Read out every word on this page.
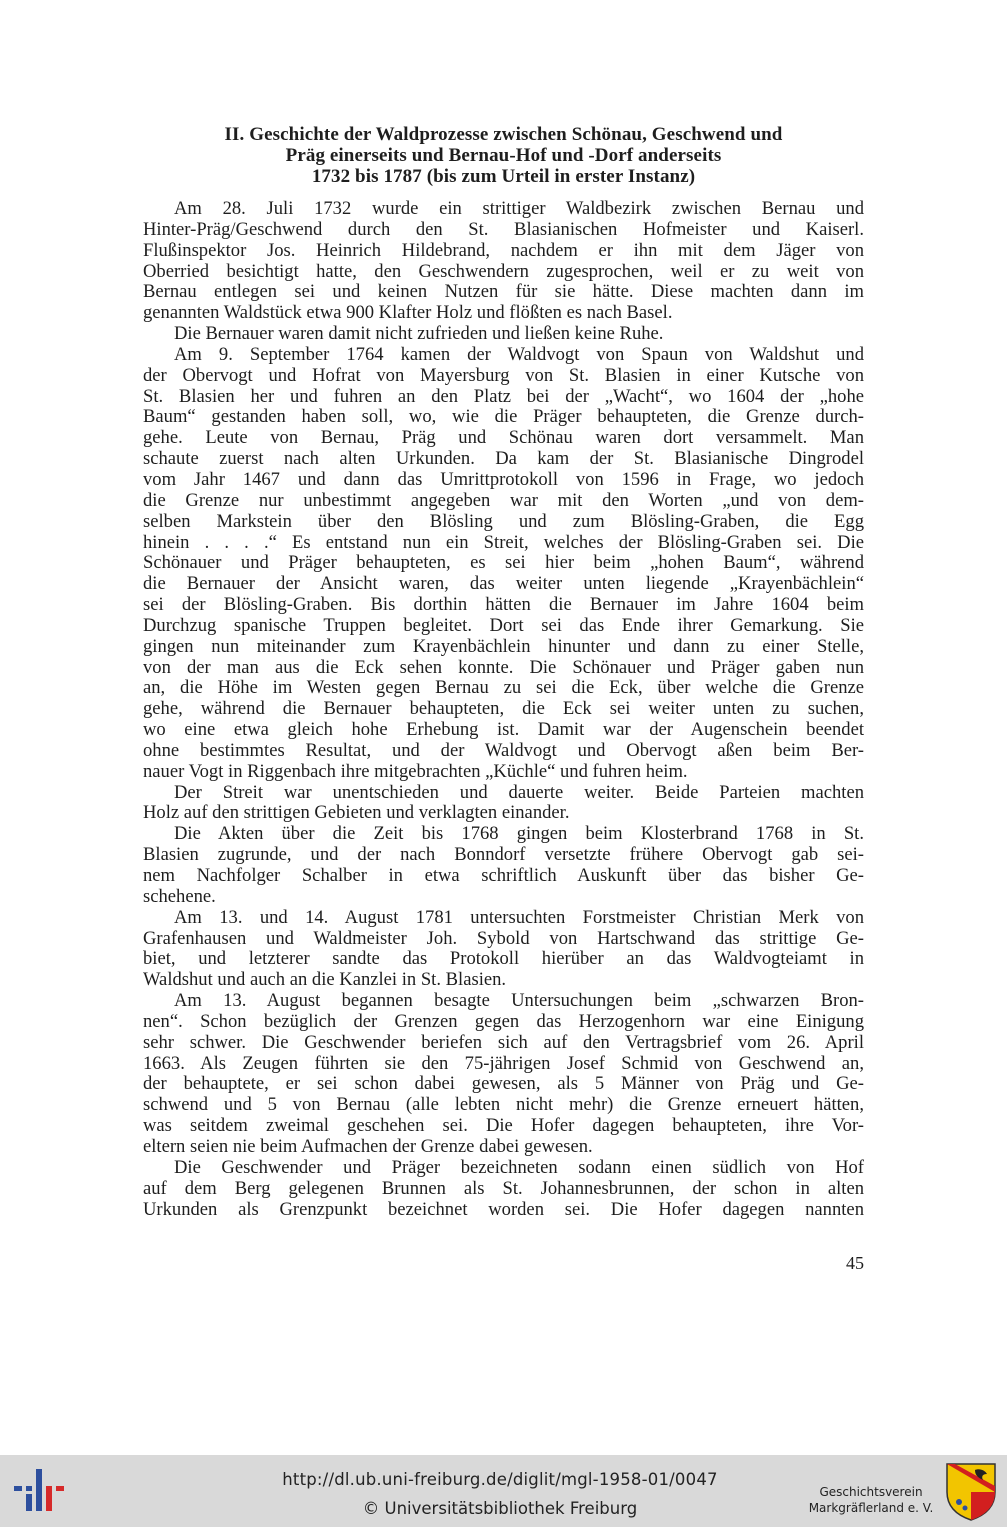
II. Geschichte der Waldprozesse zwischen Schönau, Geschwend und
Präg einerseits und Bernau-Hof und -Dorf anderseits
1732 bis 1787 (bis zum Urteil in erster Instanz)

Am 28. Juli 1732 wurde ein strittiger Waldbezirk zwischen Bernau und
Hinter-Präg/Geschwend durch den St. Blasianischen Hofmeister und Kaiserl.
Flußinspektor Jos. Heinrich Hildebrand, nachdem er ihn mit dem Jäger von
Oberried besichtigt hatte, den Geschwendern zugesprochen, weil er zu weit von
Bernau entlegen sei und keinen Nutzen für sie hätte. Diese machten dann im
genannten Waldstück etwa 900 Klafter Holz und flößten es nach Basel.

Die Bernauer waren damit nicht zufrieden und ließen keine Ruhe.

Am 9. September 1764 kamen der Waldvogt von Spaun von Waldshut und
der Obervogt und Hofrat von Mayersburg von St. Blasien in einer Kutsche von
St. Blasien her und fuhren an den Platz bei der „Wacht“, wo 1604 der „hohe
Baum“ gestanden haben soll, wo, wie die Präger behaupteten, die Grenze durch-
gehe. Leute von Bernau, Präg und Schönau waren dort versammelt. Man
schaute zuerst nach alten Urkunden. Da kam der St. Blasianische Dingrodel
vom Jahr 1467 und dann das Umrittprotokoll von 1596 in Frage, wo jedoch
die Grenze nur unbestimmt angegeben war mit den Worten „und von dem-
selben Markstein über den Blösling und zum Blösling-Graben, die Egg
hinein . . . .“ Es entstand nun ein Streit, welches der Blösling-Graben sei. Die
Schönauer und Präger behaupteten, es sei hier beim „hohen Baum“, während
die Bernauer der Ansicht waren, das weiter unten liegende „Krayenbächlein“
sei der Blösling-Graben. Bis dorthin hätten die Bernauer im Jahre 1604 beim
Durchzug spanische Truppen begleitet. Dort sei das Ende ihrer Gemarkung. Sie
gingen nun miteinander zum Krayenbächlein hinunter und dann zu einer Stelle,
von der man aus die Eck sehen konnte. Die Schönauer und Präger gaben nun
an, die Höhe im Westen gegen Bernau zu sei die Eck, über welche die Grenze
gehe, während die Bernauer behaupteten, die Eck sei weiter unten zu suchen,
wo eine etwa gleich hohe Erhebung ist. Damit war der Augenschein beendet
ohne bestimmtes Resultat, und der Waldvogt und Obervogt aßen beim Ber-
nauer Vogt in Riggenbach ihre mitgebrachten „Küchle“ und fuhren heim.

Der Streit war unentschieden und dauerte weiter. Beide Parteien machten
Holz auf den strittigen Gebieten und verklagten einander.

Die Akten über die Zeit bis 1768 gingen beim Klosterbrand 1768 in St.
Blasien zugrunde, und der nach Bonndorf versetzte frühere Obervogt gab sei-
nem Nachfolger Schalber in etwa schriftlich Auskunft über das bisher Ge-
schehene.

Am 13. und 14. August 1781 untersuchten Forstmeister Christian Merk von
Grafenhausen und Waldmeister Joh. Sybold von Hartschwand das strittige Ge-
biet, und letzterer sandte das Protokoll hierüber an das Waldvogteiamt in
Waldshut und auch an die Kanzlei in St. Blasien.

Am 13. August begannen besagte Untersuchungen beim „schwarzen Bron-
nen“. Schon bezüglich der Grenzen gegen das Herzogenhorn war eine Einigung
sehr schwer. Die Geschwender beriefen sich auf den Vertragsbrief vom 26. April
1663. Als Zeugen führten sie den 75-jährigen Josef Schmid von Geschwend an,
der behauptete, er sei schon dabei gewesen, als 5 Männer von Präg und Ge-
schwend und 5 von Bernau (alle lebten nicht mehr) die Grenze erneuert hätten,
was seitdem zweimal geschehen sei. Die Hofer dagegen behaupteten, ihre Vor-
eltern seien nie beim Aufmachen der Grenze dabei gewesen.

Die Geschwender und Präger bezeichneten sodann einen südlich von Hof
auf dem Berg gelegenen Brunnen als St. Johannesbrunnen, der schon in alten
Urkunden als Grenzpunkt bezeichnet worden sei. Die Hofer dagegen nannten

45
http://dl.ub.uni-freiburg.de/diglit/mgl-1958-01/0047
© Universitätsbibliothek Freiburg
Geschichtsverein
Markgräflerland e. V.
